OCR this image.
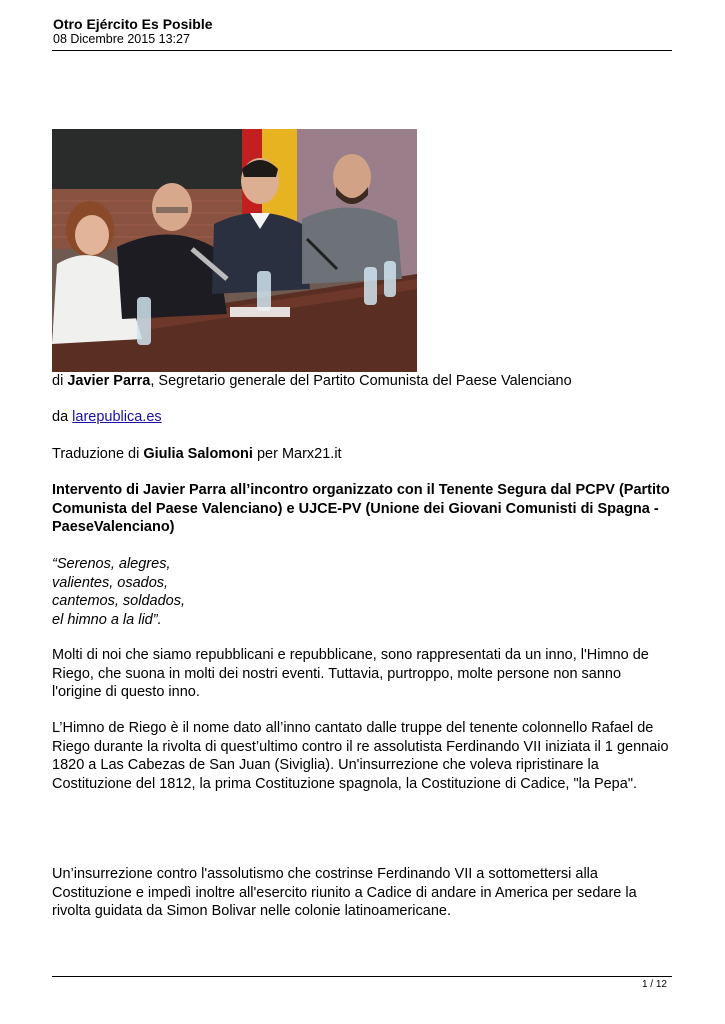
Otro Ejército Es Posible
08 Dicembre 2015 13:27

di Javier Parra, Segretario generale del Partito Comunista del Paese Valenciano

da larepublica.es

Traduzione di Giulia Salomoni per Marx21.it

Intervento di Javier Parra all’incontro organizzato con il Tenente Segura dal PCPV (Partito Comunista del Paese Valenciano) e UJCE-PV (Unione dei Giovani Comunisti di Spagna - PaeseValenciano)

“Serenos, alegres,
valientes, osados,
cantemos, soldados,
el himno a la lid”.

Molti di noi che siamo repubblicani e repubblicane, sono rappresentati da un inno, l'Himno de Riego, che suona in molti dei nostri eventi. Tuttavia, purtroppo, molte persone non sanno l'origine di questo inno.

L’Himno de Riego è il nome dato all’inno cantato dalle truppe del tenente colonnello Rafael de Riego durante la rivolta di quest’ultimo contro il re assolutista Ferdinando VII iniziata il 1 gennaio 1820 a Las Cabezas de San Juan (Siviglia). Un'insurrezione che voleva ripristinare la Costituzione del 1812, la prima Costituzione spagnola, la Costituzione di Cadice, "la Pepa".

Un’insurrezione contro l'assolutismo che costrinse Ferdinando VII a sottomettersi alla Costituzione e impedì inoltre all'esercito riunito a Cadice di andare in America per sedare la rivolta guidata da Simon Bolivar nelle colonie latinoamericane.

1 / 12
